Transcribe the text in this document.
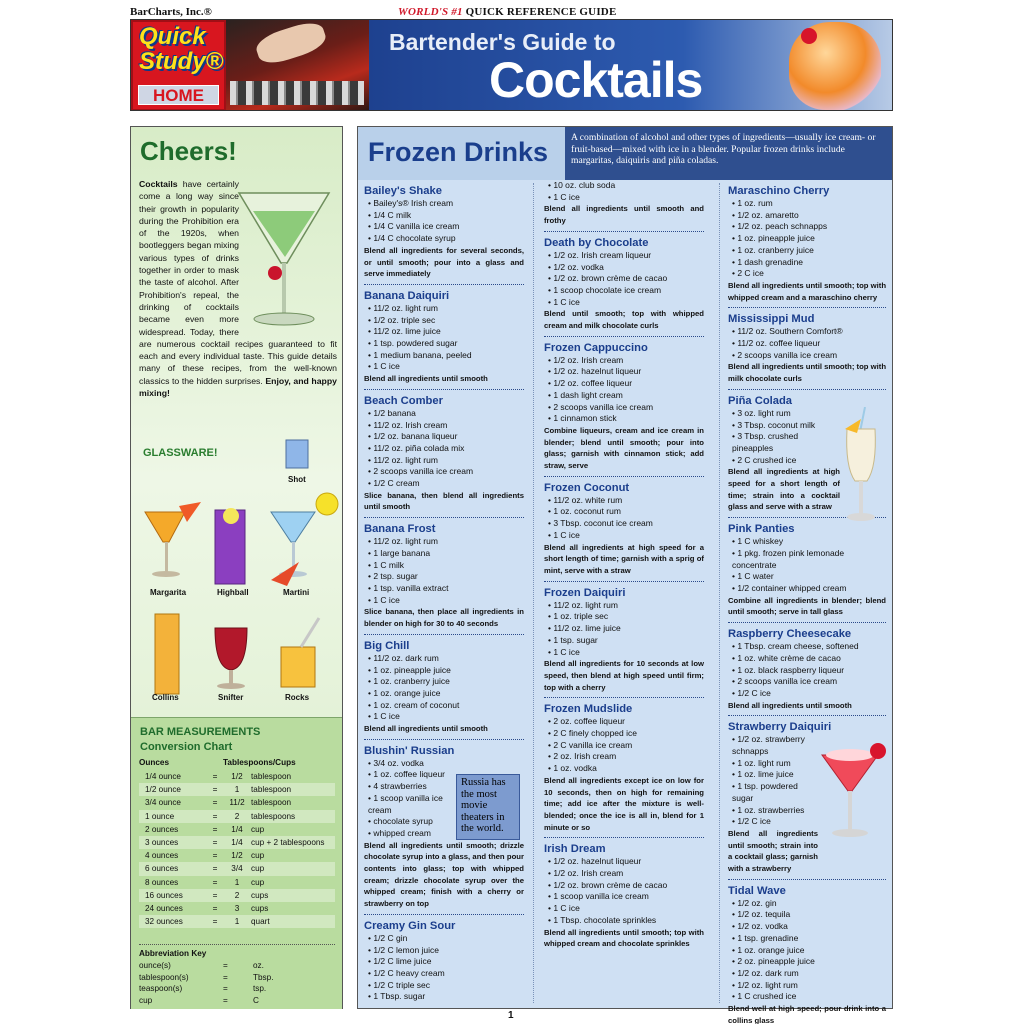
BarCharts, Inc.®	WORLD'S #1 QUICK REFERENCE GUIDE
Quick
Study®
HOME
Bartender's Guide to
Cocktails
Cheers!
Cocktails have certainly come a long way since their growth in popularity during the Prohibition era of the 1920s, when bootleggers began mixing various types of drinks together in order to mask the taste of alcohol. After Prohibition's repeal, the drinking of cocktails became even more widespread. Today, there are numerous cocktail recipes guaranteed to fit each and every individual taste. This guide details many of these recipes, from the well-known classics to the hidden surprises. Enjoy, and happy mixing!
GLASSWARE!
Shot
Margarita	Highball	Martini
Collins	Snifter	Rocks
BAR MEASUREMENTS
Conversion Chart
Ounces	Tablespoons/Cups
1/4 ounce	=	1/2	tablespoon
1/2 ounce	=	1	tablespoon
3/4 ounce	=	11/2 tablespoon
1 ounce	=	2	tablespoons
2 ounces	=	1/4	cup
3 ounces	=	1/4	cup + 2 tablespoons
4 ounces	=	1/2	cup
6 ounces	=	3/4	cup
8 ounces	=	1	cup
16 ounces	=	2	cups
24 ounces	=	3	cups
32 ounces	=	1	quart
Abbreviation Key
ounce(s)	=	oz.
tablespoon(s)	=	Tbsp.
teaspoon(s)	=	tsp.
cup	=	C
Frozen Drinks	A combination of alcohol and other types of ingredients—usually ice cream- or fruit-based—mixed with ice in a blender. Popular frozen drinks include margaritas, daiquiris and piña coladas.
Bailey's Shake
• Bailey's® Irish cream
• 1/4 C milk
• 1/4 C vanilla ice cream
• 1/4 C chocolate syrup
Blend all ingredients for several seconds, or until smooth; pour into a glass and serve immediately
Banana Daiquiri
• 11/2 oz. light rum
• 1/2 oz. triple sec
• 11/2 oz. lime juice
• 1 tsp. powdered sugar
• 1 medium banana, peeled
• 1 C ice
Blend all ingredients until smooth
Beach Comber
• 1/2 banana
• 11/2 oz. Irish cream
• 1/2 oz. banana liqueur
• 11/2 oz. piña colada mix
• 11/2 oz. light rum
• 2 scoops vanilla ice cream
• 1/2 C cream
Slice banana, then blend all ingredients until smooth
Banana Frost
• 11/2 oz. light rum
• 1 large banana
• 1 C milk
• 2 tsp. sugar
• 1 tsp. vanilla extract
• 1 C ice
Slice banana, then place all ingredients in blender on high for 30 to 40 seconds
Big Chill
• 11/2 oz. dark rum
• 1 oz. pineapple juice
• 1 oz. cranberry juice
• 1 oz. orange juice
• 1 oz. cream of coconut
• 1 C ice
Blend all ingredients until smooth
Blushin' Russian
• 3/4 oz. vodka
• 1 oz. coffee liqueur
• 4 strawberries
• 1 scoop vanilla ice cream
• chocolate syrup
• whipped cream
Blend all ingredients until smooth; drizzle chocolate syrup into a glass, and then pour contents into glass; top with whipped cream; drizzle chocolate syrup over the whipped cream; finish with a cherry or strawberry on top
Creamy Gin Sour
• 1/2 C gin
• 1/2 C lemon juice
• 1/2 C lime juice
• 1/2 C heavy cream
• 1/2 C triple sec
• 1 Tbsp. sugar
• 10 oz. club soda
• 1 C ice
Blend all ingredients until smooth and frothy
Death by Chocolate
• 1/2 oz. Irish cream liqueur
• 1/2 oz. vodka
• 1/2 oz. brown crème de cacao
• 1 scoop chocolate ice cream
• 1 C ice
Blend until smooth; top with whipped cream and milk chocolate curls
Frozen Cappuccino
• 1/2 oz. Irish cream
• 1/2 oz. hazelnut liqueur
• 1/2 oz. coffee liqueur
• 1 dash light cream
• 2 scoops vanilla ice cream
• 1 cinnamon stick
Combine liqueurs, cream and ice cream in blender; blend until smooth; pour into glass; garnish with cinnamon stick; add straw, serve
Frozen Coconut
• 11/2 oz. white rum
• 1 oz. coconut rum
• 3 Tbsp. coconut ice cream
• 1 C ice
Blend all ingredients at high speed for a short length of time; garnish with a sprig of mint, serve with a straw
Frozen Daiquiri
• 11/2 oz. light rum
• 1 oz. triple sec
• 11/2 oz. lime juice
• 1 tsp. sugar
• 1 C ice
Blend all ingredients for 10 seconds at low speed, then blend at high speed until firm; top with a cherry
Frozen Mudslide
• 2 oz. coffee liqueur
• 2 C finely chopped ice
• 2 C vanilla ice cream
• 2 oz. Irish cream
• 1 oz. vodka
Blend all ingredients except ice on low for 10 seconds, then on high for remaining time; add ice after the mixture is well-blended; once the ice is all in, blend for 1 minute or so
Irish Dream
• 1/2 oz. hazelnut liqueur
• 1/2 oz. Irish cream
• 1/2 oz. brown crème de cacao
• 1 scoop vanilla ice cream
• 1 C ice
• 1 Tbsp. chocolate sprinkles
Blend all ingredients until smooth; top with whipped cream and chocolate sprinkles
Maraschino Cherry
• 1 oz. rum
• 1/2 oz. amaretto
• 1/2 oz. peach schnapps
• 1 oz. pineapple juice
• 1 oz. cranberry juice
• 1 dash grenadine
• 2 C ice
Blend all ingredients until smooth; top with whipped cream and a maraschino cherry
Mississippi Mud
• 11/2 oz. Southern Comfort®
• 11/2 oz. coffee liqueur
• 2 scoops vanilla ice cream
Blend all ingredients until smooth; top with milk chocolate curls
Piña Colada
• 3 oz. light rum
• 3 Tbsp. coconut milk
• 3 Tbsp. crushed pineapples
• 2 C crushed ice
Blend all ingredients at high speed for a short length of time; strain into a cocktail glass and serve with a straw
Pink Panties
• 1 C whiskey
• 1 pkg. frozen pink lemonade concentrate
• 1 C water
• 1/2 container whipped cream
Combine all ingredients in blender; blend until smooth; serve in tall glass
Raspberry Cheesecake
• 1 Tbsp. cream cheese, softened
• 1 oz. white crème de cacao
• 1 oz. black raspberry liqueur
• 2 scoops vanilla ice cream
• 1/2 C ice
Blend all ingredients until smooth
Strawberry Daiquiri
• 1/2 oz. strawberry schnapps
• 1 oz. light rum
• 1 oz. lime juice
• 1 tsp. powdered sugar
• 1 oz. strawberries
• 1/2 C ice
Blend all ingredients until smooth; strain into a cocktail glass; garnish with a strawberry
Tidal Wave
• 1/2 oz. gin
• 1/2 oz. tequila
• 1/2 oz. vodka
• 1 tsp. grenadine
• 1 oz. orange juice
• 2 oz. pineapple juice
• 1/2 oz. dark rum
• 1/2 oz. light rum
• 1 C crushed ice
Blend well at high speed; pour drink into a collins glass
Russia has the most movie theaters in the world.
1
